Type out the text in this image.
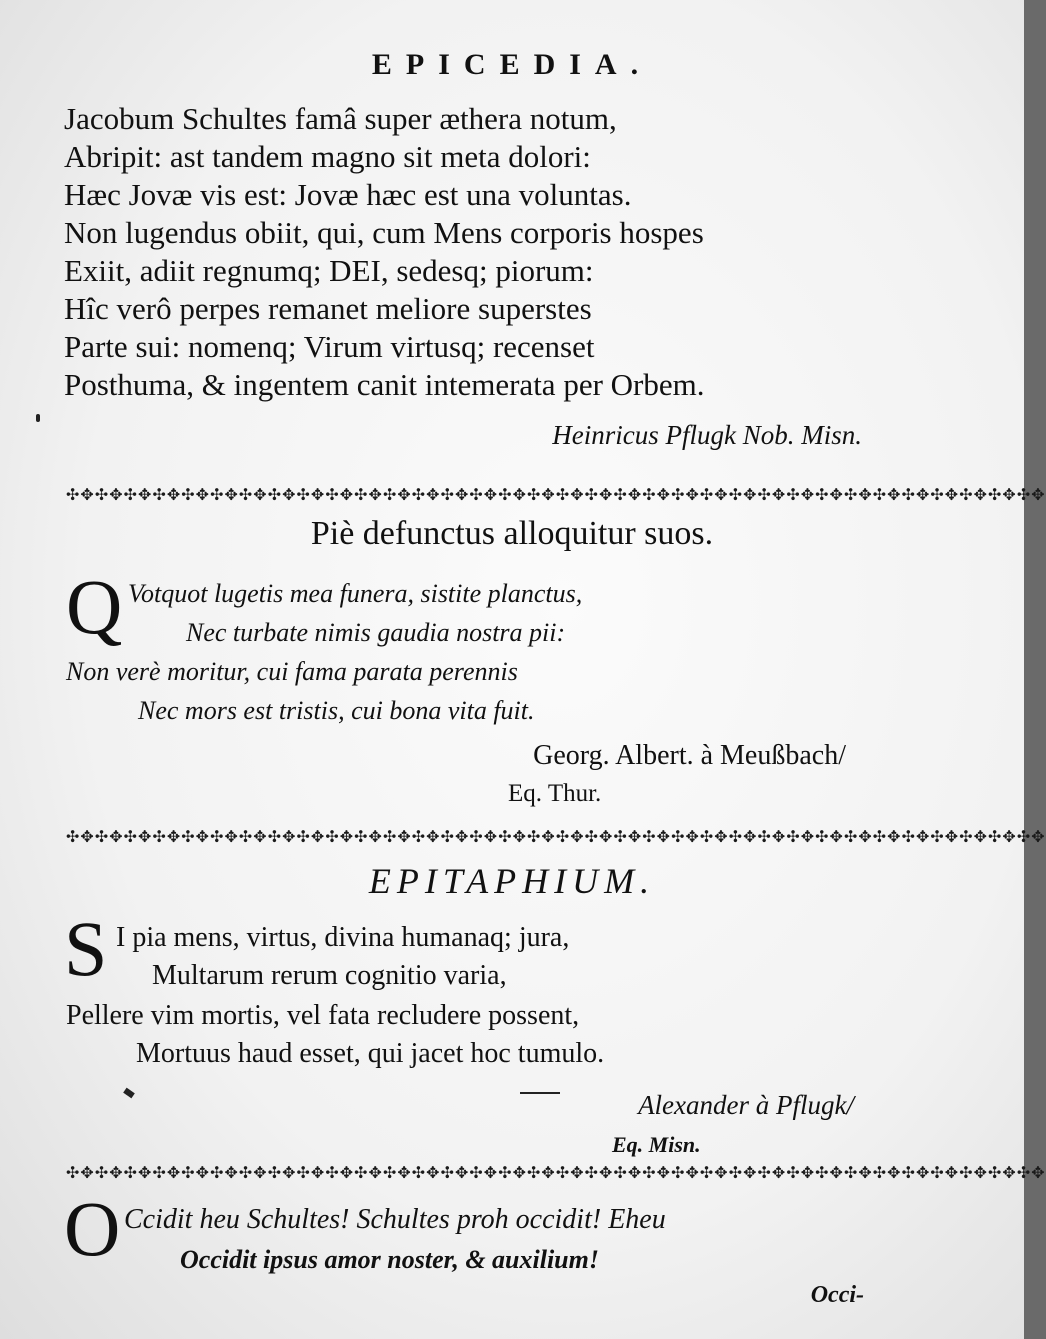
EPICEDIA.
Jacobum Schultes famâ super æthera notum,
Abripit: ast tandem magno sit meta dolori:
Hæc Jovæ vis est: Jovæ hæc est una voluntas.
Non lugendus obiit, qui, cum Mens corporis hospes
Exiit, adiit regnumq; DEI, sedesq; piorum:
Hîc verô perpes remanet meliore superstes
Parte sui: nomenq; Virum virtusq; recenset
Posthuma, & ingentem canit intemerata per Orbem.
Heinricus Pflugk Nob. Misn.
✣✥✣✥✣✥✣✥✣✥✣✥✣✥✣✥✣✥✣✥✣✥✣✥✣✥✣✥✣✥✣✥✣✥✣✥✣✥✣✥✣✥✣✥✣✥✣✥✣✥✣✥✣✥✣✥✣✥✣✥✣✥✣✥✣✥✣✥
Piè defunctus alloquitur suos.
Q Votquot lugetis mea funera, sistite planctus,
Nec turbate nimis gaudia nostra pii:
Non verè moritur, cui fama parata perennis
Nec mors est tristis, cui bona vita fuit.
Georg. Albert. à Meußbach/
Eq. Thur.
✣✥✣✥✣✥✣✥✣✥✣✥✣✥✣✥✣✥✣✥✣✥✣✥✣✥✣✥✣✥✣✥✣✥✣✥✣✥✣✥✣✥✣✥✣✥✣✥✣✥✣✥✣✥✣✥✣✥✣✥✣✥✣✥✣✥✣✥
EPITAPHIUM.
S I pia mens, virtus, divina humanaq; jura,
Multarum rerum cognitio varia,
Pellere vim mortis, vel fata recludere possent,
Mortuus haud esset, qui jacet hoc tumulo.
Alexander à Pflugk/
Eq. Misn.
✣✥✣✥✣✥✣✥✣✥✣✥✣✥✣✥✣✥✣✥✣✥✣✥✣✥✣✥✣✥✣✥✣✥✣✥✣✥✣✥✣✥✣✥✣✥✣✥✣✥✣✥✣✥✣✥✣✥✣✥✣✥✣✥✣✥✣✥
O Ccidit heu Schultes! Schultes proh occidit! Eheu
Occidit ipsus amor noster, & auxilium!
Occi-
